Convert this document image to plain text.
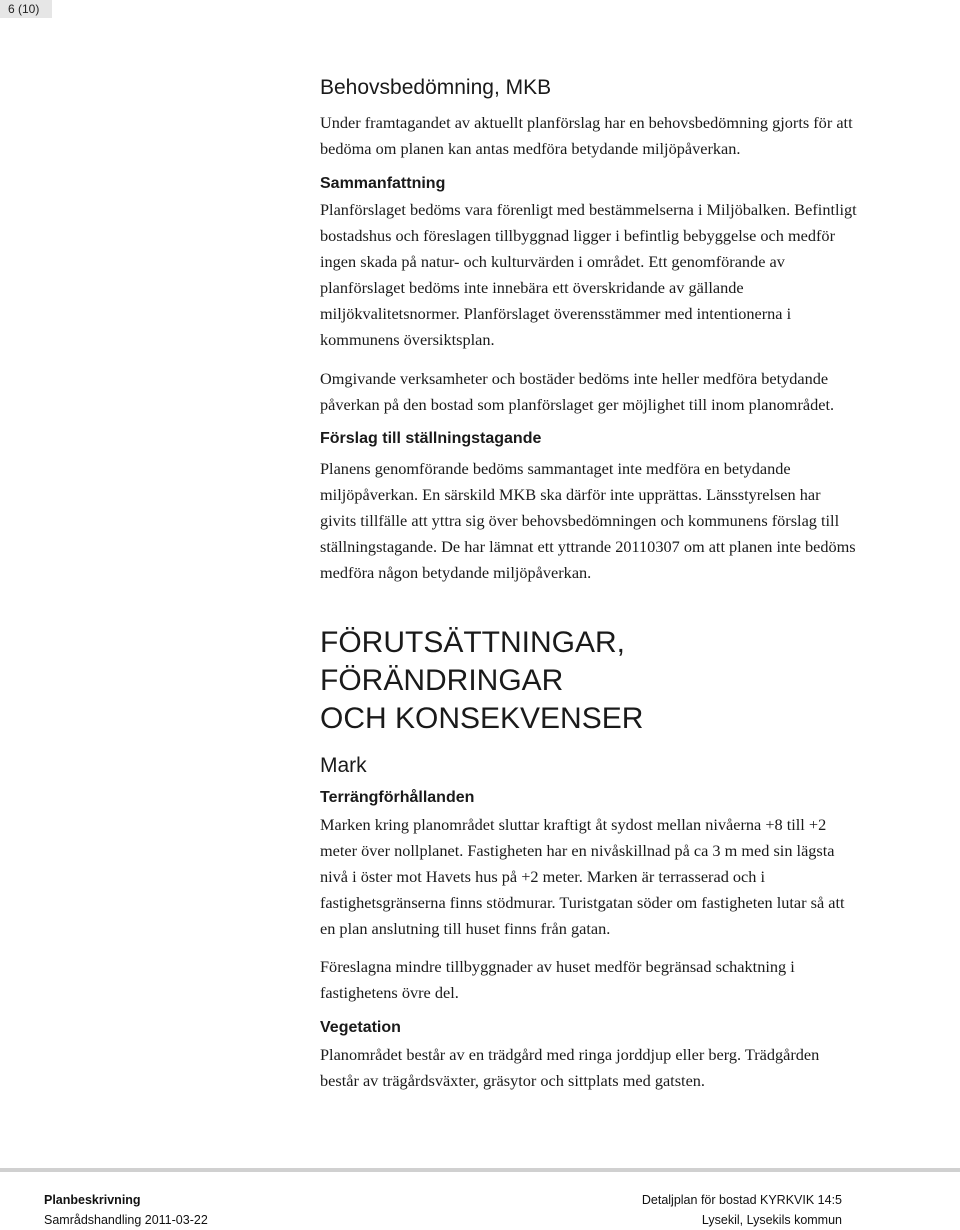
6 (10)
Behovsbedömning, MKB

Under framtagandet av aktuellt planförslag har en behovsbedömning gjorts för att bedöma om planen kan antas medföra betydande miljöpåverkan.

Sammanfattning

Planförslaget bedöms vara förenligt med bestämmelserna i Miljöbalken. Befintligt bostadshus och föreslagen tillbyggnad ligger i befintlig bebyggelse och medför ingen skada på natur- och kulturvärden i området. Ett genomförande av planförslaget bedöms inte innebära ett överskridande av gällande miljökvalitetsnormer. Planförslaget överensstämmer med intentionerna i kommunens översiktsplan.

Omgivande verksamheter och bostäder bedöms inte heller medföra betydande påverkan på den bostad som planförslaget ger möjlighet till inom planområdet.

Förslag till ställningstagande

Planens genomförande bedöms sammantaget inte medföra en betydande miljöpåverkan. En särskild MKB ska därför inte upprättas. Länsstyrelsen har givits tillfälle att yttra sig över behovsbedömningen och kommunens förslag till ställningstagande. De har lämnat ett yttrande 20110307 om att planen inte bedöms medföra någon betydande miljöpåverkan.

FÖRUTSÄTTNINGAR, FÖRÄNDRINGAR
OCH KONSEKVENSER
Mark
Terrängförhållanden

Marken kring planområdet sluttar kraftigt åt sydost mellan nivåerna +8 till +2 meter över nollplanet. Fastigheten har en nivåskillnad på ca 3 m med sin lägsta nivå i öster mot Havets hus på +2 meter. Marken är terrasserad och i fastighetsgränserna finns stödmurar. Turistgatan söder om fastigheten lutar så att en plan anslutning till huset finns från gatan.

Föreslagna mindre tillbyggnader av huset medför begränsad schaktning i fastighetens övre del.

Vegetation

Planområdet består av en trädgård med ringa jorddjup eller berg. Trädgården består av trägårdsväxter, gräsytor och sittplats med gatsten.

Planbeskrivning
Samrådshandling 2011-03-22
Detaljplan för bostad KYRKVIK 14:5
Lysekil, Lysekils kommun
